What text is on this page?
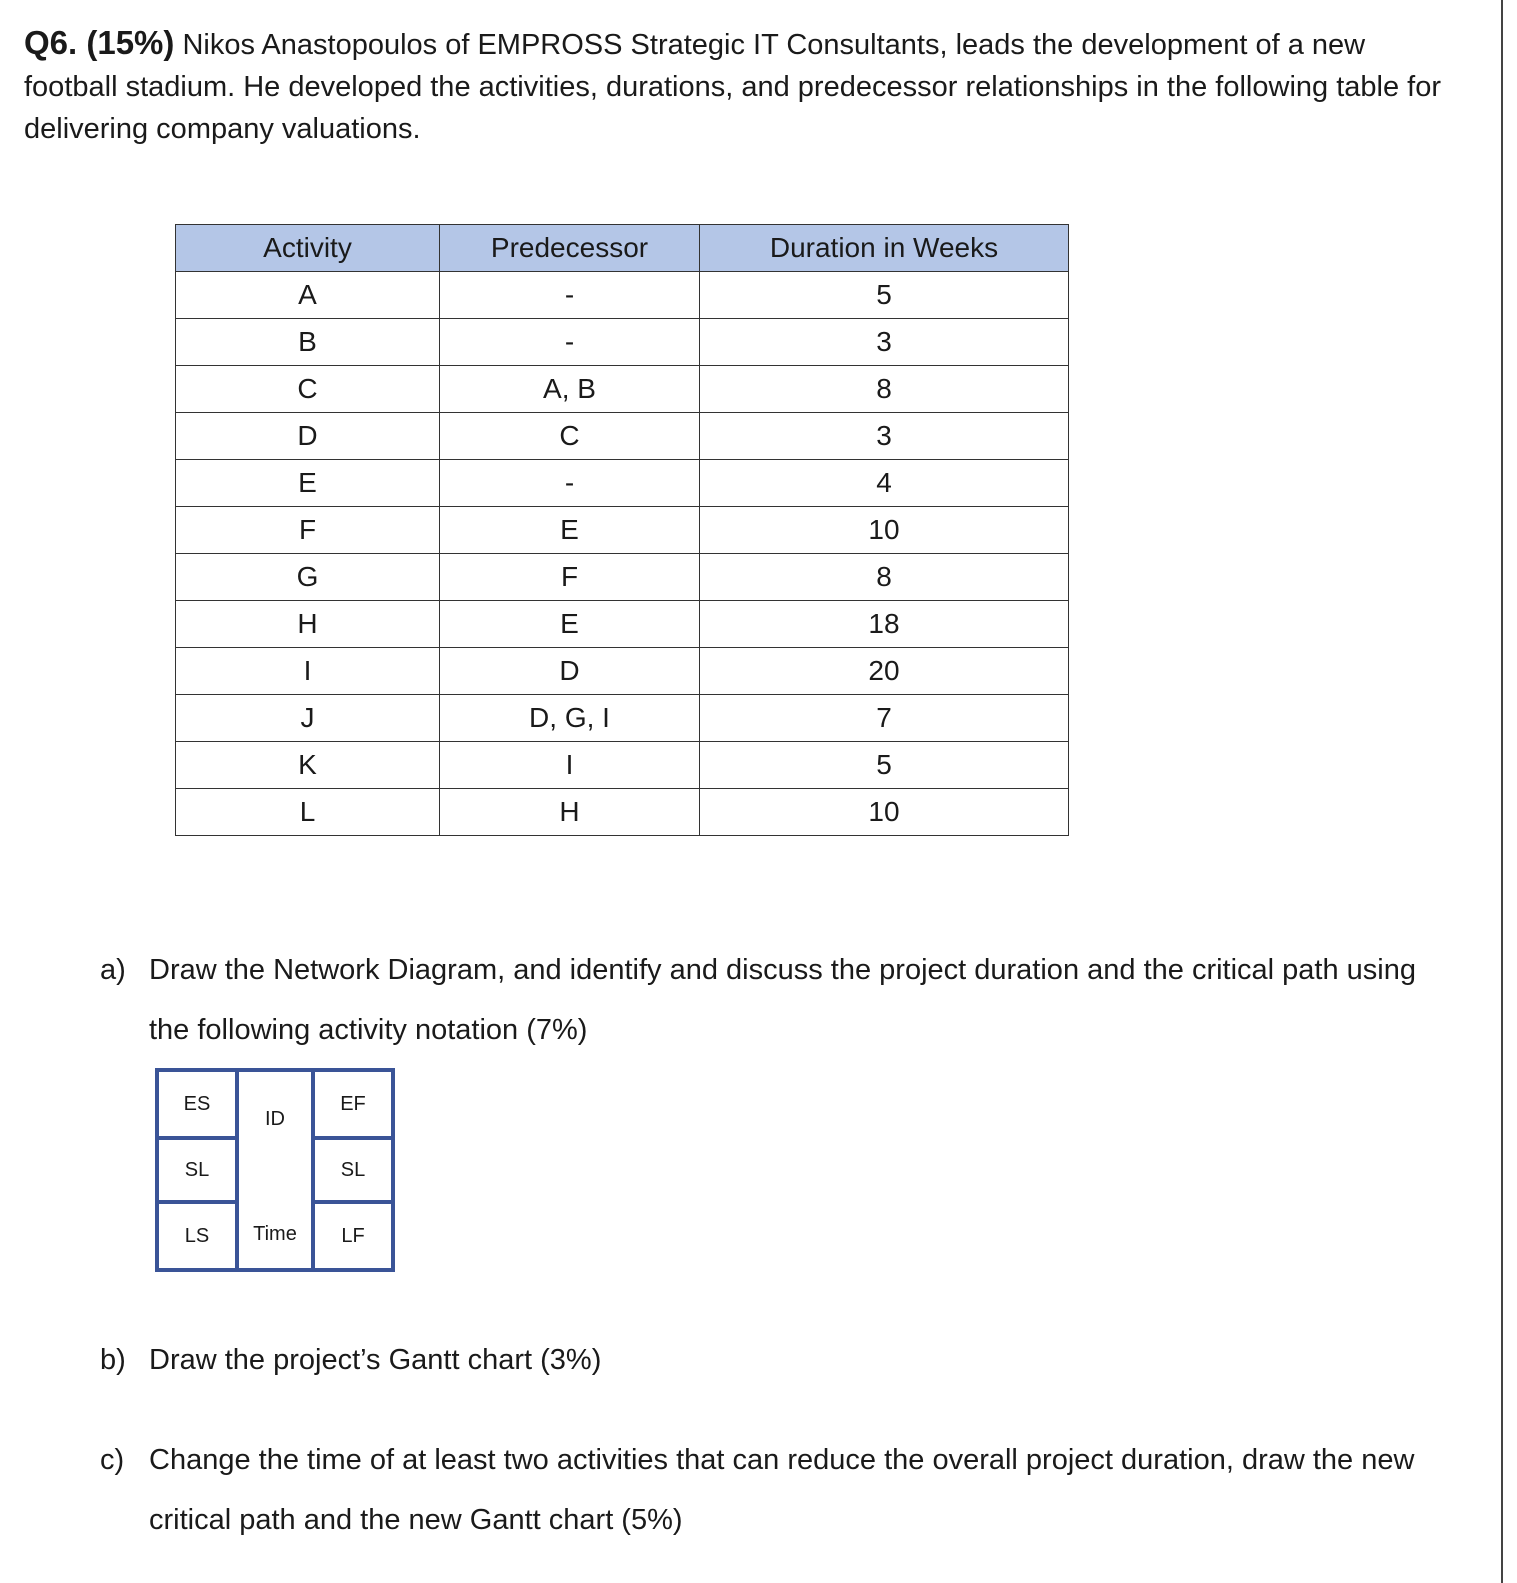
Q6. (15%) Nikos Anastopoulos of EMPROSS Strategic IT Consultants, leads the development of a new football stadium. He developed the activities, durations, and predecessor relationships in the following table for delivering company valuations.
Activity	Predecessor	Duration in Weeks
A	-	5
B	-	3
C	A, B	8
D	C	3
E	-	4
F	E	10
G	F	8
H	E	18
I	D	20
J	D, G, I	7
K	I	5
L	H	10
a) Draw the Network Diagram, and identify and discuss the project duration and the critical path using
the following activity notation (7%)
ES
ID
EF
SL	SL
LS Time LF
b) Draw the project’s Gantt chart (3%)
c) Change the time of at least two activities that can reduce the overall project duration, draw the new
critical path and the new Gantt chart (5%)
